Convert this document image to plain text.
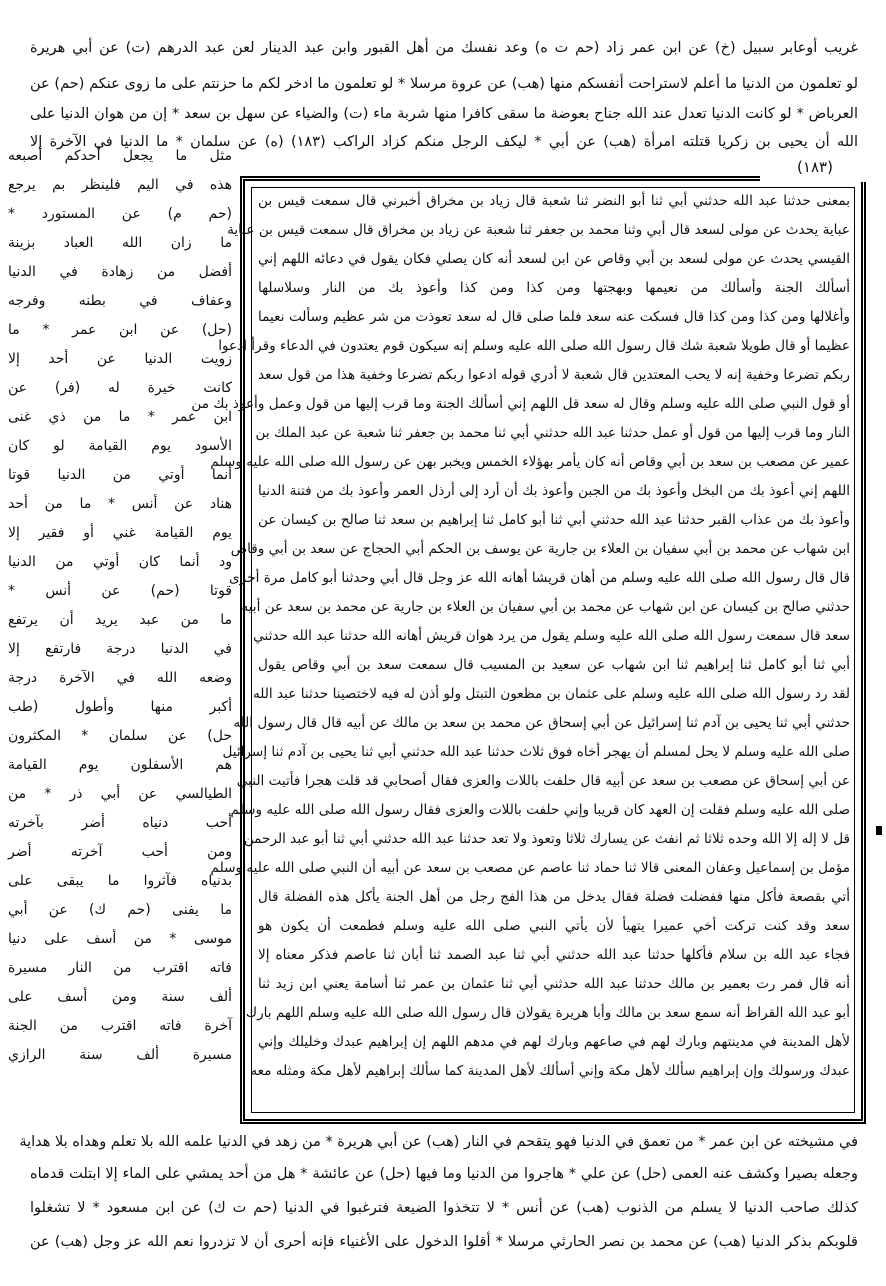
غريب أوعابر سبيل (خ) عن ابن عمر زاد (حم ت ه) وعد نفسك من أهل القبور وابن عبد الدينار لعن عبد الدرهم (ت) عن أبي هريرة
لو تعلمون من الدنيا ما أعلم لاستراحت أنفسكم منها (هب) عن عروة مرسلا * لو تعلمون ما ادخر لكم ما حزنتم على ما زوى عنكم (حم) عن
العرباض * لو كانت الدنيا تعدل عند الله جناح بعوضة ما سقى كافرا منها شربة ماء (ت) والضياء عن سهل بن سعد * إن من هوان الدنيا على
الله أن يحيى بن زكريا قتلته امرأة (هب) عن أبي * ليكف الرجل منكم كزاد الراكب (١٨٣) (ه) عن سلمان * ما الدنيا في الآخرة إلا
(١٨٣)
بمعنى حدثنا عبد الله حدثني أبي ثنا أبو النضر ثنا شعبة قال زياد بن مخراق أخبرني قال سمعت قيس بن
عباية يحدث عن مولى لسعد قال أبي وثنا محمد بن جعفر ثنا شعبة عن زياد بن مخراق قال سمعت قيس بن عباية
القيسي يحدث عن مولى لسعد بن أبي وقاص عن ابن لسعد أنه كان يصلي فكان يقول في دعائه اللهم إني
أسألك الجنة وأسألك من نعيمها وبهجتها ومن كذا ومن كذا وأعوذ بك من النار وسلاسلها
وأغلالها ومن كذا ومن كذا قال فسكت عنه سعد فلما صلى قال له سعد تعوذت من شر عظيم وسألت نعيما
عظيما أو قال طويلا شعبة شك قال رسول الله صلى الله عليه وسلم إنه سيكون قوم يعتدون في الدعاء وقرأ ادعوا
ربكم تضرعا وخفية إنه لا يحب المعتدين قال شعبة لا أدري قوله ادعوا ربكم تضرعا وخفية هذا من قول سعد
أو قول النبي صلى الله عليه وسلم وقال له سعد قل اللهم إني أسألك الجنة وما قرب إليها من قول وعمل وأعوذ بك من
النار وما قرب إليها من قول أو عمل حدثنا عبد الله حدثني أبي ثنا محمد بن جعفر ثنا شعبة عن عبد الملك بن
عمير عن مصعب بن سعد بن أبي وقاص أنه كان يأمر بهؤلاء الخمس ويخبر بهن عن رسول الله صلى الله عليه وسلم
اللهم إني أعوذ بك من البخل وأعوذ بك من الجبن وأعوذ بك أن أرد إلى أرذل العمر وأعوذ بك من فتنة الدنيا
وأعوذ بك من عذاب القبر حدثنا عبد الله حدثني أبي ثنا أبو كامل ثنا إبراهيم بن سعد ثنا صالح بن كيسان عن
ابن شهاب عن محمد بن أبي سفيان بن العلاء بن جارية عن يوسف بن الحكم أبي الحجاج عن سعد بن أبي وقاص
قال قال رسول الله صلى الله عليه وسلم من أهان قريشا أهانه الله عز وجل قال أبي وحدثنا أبو كامل مرة أخرى
حدثني صالح بن كيسان عن ابن شهاب عن محمد بن أبي سفيان بن العلاء بن جارية عن محمد بن سعد عن أبيه
سعد قال سمعت رسول الله صلى الله عليه وسلم يقول من يرد هوان قريش أهانه الله حدثنا عبد الله حدثني
أبي ثنا أبو كامل ثنا إبراهيم ثنا ابن شهاب عن سعيد بن المسيب قال سمعت سعد بن أبي وقاص يقول
لقد رد رسول الله صلى الله عليه وسلم على عثمان بن مظعون التبتل ولو أذن له فيه لاختصينا حدثنا عبد الله
حدثني أبي ثنا يحيى بن آدم ثنا إسرائيل عن أبي إسحاق عن محمد بن سعد بن مالك عن أبيه قال قال رسول الله
صلى الله عليه وسلم لا يحل لمسلم أن يهجر أخاه فوق ثلاث حدثنا عبد الله حدثني أبي ثنا يحيى بن آدم ثنا إسرائيل
عن أبي إسحاق عن مصعب بن سعد عن أبيه قال حلفت باللات والعزى فقال أصحابي قد قلت هجرا فأتيت النبي
صلى الله عليه وسلم فقلت إن العهد كان قريبا وإني حلفت باللات والعزى فقال رسول الله صلى الله عليه وسلم
قل لا إله إلا الله وحده ثلاثا ثم انفث عن يسارك ثلاثا وتعوذ ولا تعد حدثنا عبد الله حدثني أبي ثنا أبو عبد الرحمن
مؤمل بن إسماعيل وعفان المعنى قالا ثنا حماد ثنا عاصم عن مصعب بن سعد عن أبيه أن النبي صلى الله عليه وسلم
أتي بقصعة فأكل منها ففضلت فضلة فقال يدخل من هذا الفج رجل من أهل الجنة يأكل هذه الفضلة قال
سعد وقد كنت تركت أخي عميرا يتهيأ لأن يأتي النبي صلى الله عليه وسلم فطمعت أن يكون هو
فجاء عبد الله بن سلام فأكلها حدثنا عبد الله حدثني أبي ثنا عبد الصمد ثنا أبان ثنا عاصم فذكر معناه إلا
أنه قال فمر رت بعمير بن مالك حدثنا عبد الله حدثني أبي ثنا عثمان بن عمر ثنا أسامة يعني ابن زيد ثنا
أبو عبد الله القراظ أنه سمع سعد بن مالك وأبا هريرة يقولان قال رسول الله صلى الله عليه وسلم اللهم بارك
لأهل المدينة في مدينتهم وبارك لهم في صاعهم وبارك لهم في مدهم اللهم إن إبراهيم عبدك وخليلك وإني
عبدك ورسولك وإن إبراهيم سألك لأهل مكة وإني أسألك لأهل المدينة كما سألك إبراهيم لأهل مكة ومثله معه
مثل ما يجعل أحدكم أصبعه
هذه في اليم فلينظر بم يرجع
(حم م) عن المستورد *
ما زان الله العباد بزينة
أفضل من زهادة في الدنيا
وعفاف في بطنه وفرجه
(حل) عن ابن عمر * ما
زويت الدنيا عن أحد إلا
كانت خيرة له (فر) عن
ابن عمر * ما من ذي غنى
الأسود يوم القيامة لو كان
أنما أوتي من الدنيا قوتا
هناد عن أنس * ما من أحد
يوم القيامة غني أو فقير إلا
ود أنما كان أوتي من الدنيا
قوتا (حم) عن أنس *
ما من عبد يريد أن يرتفع
في الدنيا درجة فارتفع إلا
وضعه الله في الآخرة درجة
أكبر منها وأطول (طب
حل) عن سلمان * المكثرون
هم الأسفلون يوم القيامة
الطيالسي عن أبي ذر * من
أحب دنياه أضر بآخرته
ومن أحب آخرته أضر
بدنياه فآثروا ما يبقى على
ما يفنى (حم ك) عن أبي
موسى * من أسف على دنيا
فاته اقترب من النار مسيرة
ألف سنة ومن أسف على
آخرة فاته اقترب من الجنة
مسيرة ألف سنة الرازي
في مشيخته عن ابن عمر * من تعمق في الدنيا فهو يتقحم في النار (هب) عن أبي هريرة * من زهد في الدنيا علمه الله بلا تعلم وهداه بلا هداية
وجعله بصيرا وكشف عنه العمى (حل) عن علي * هاجروا من الدنيا وما فيها (حل) عن عائشة * هل من أحد يمشي على الماء إلا ابتلت قدماه
كذلك صاحب الدنيا لا يسلم من الذنوب (هب) عن أنس * لا تتخذوا الضيعة فترغبوا في الدنيا (حم ت ك) عن ابن مسعود * لا تشغلوا
قلوبكم بذكر الدنيا (هب) عن محمد بن نصر الحارثي مرسلا * أقلوا الدخول على الأغنياء فإنه أحرى أن لا تزدروا نعم الله عز وجل (هب) عن
